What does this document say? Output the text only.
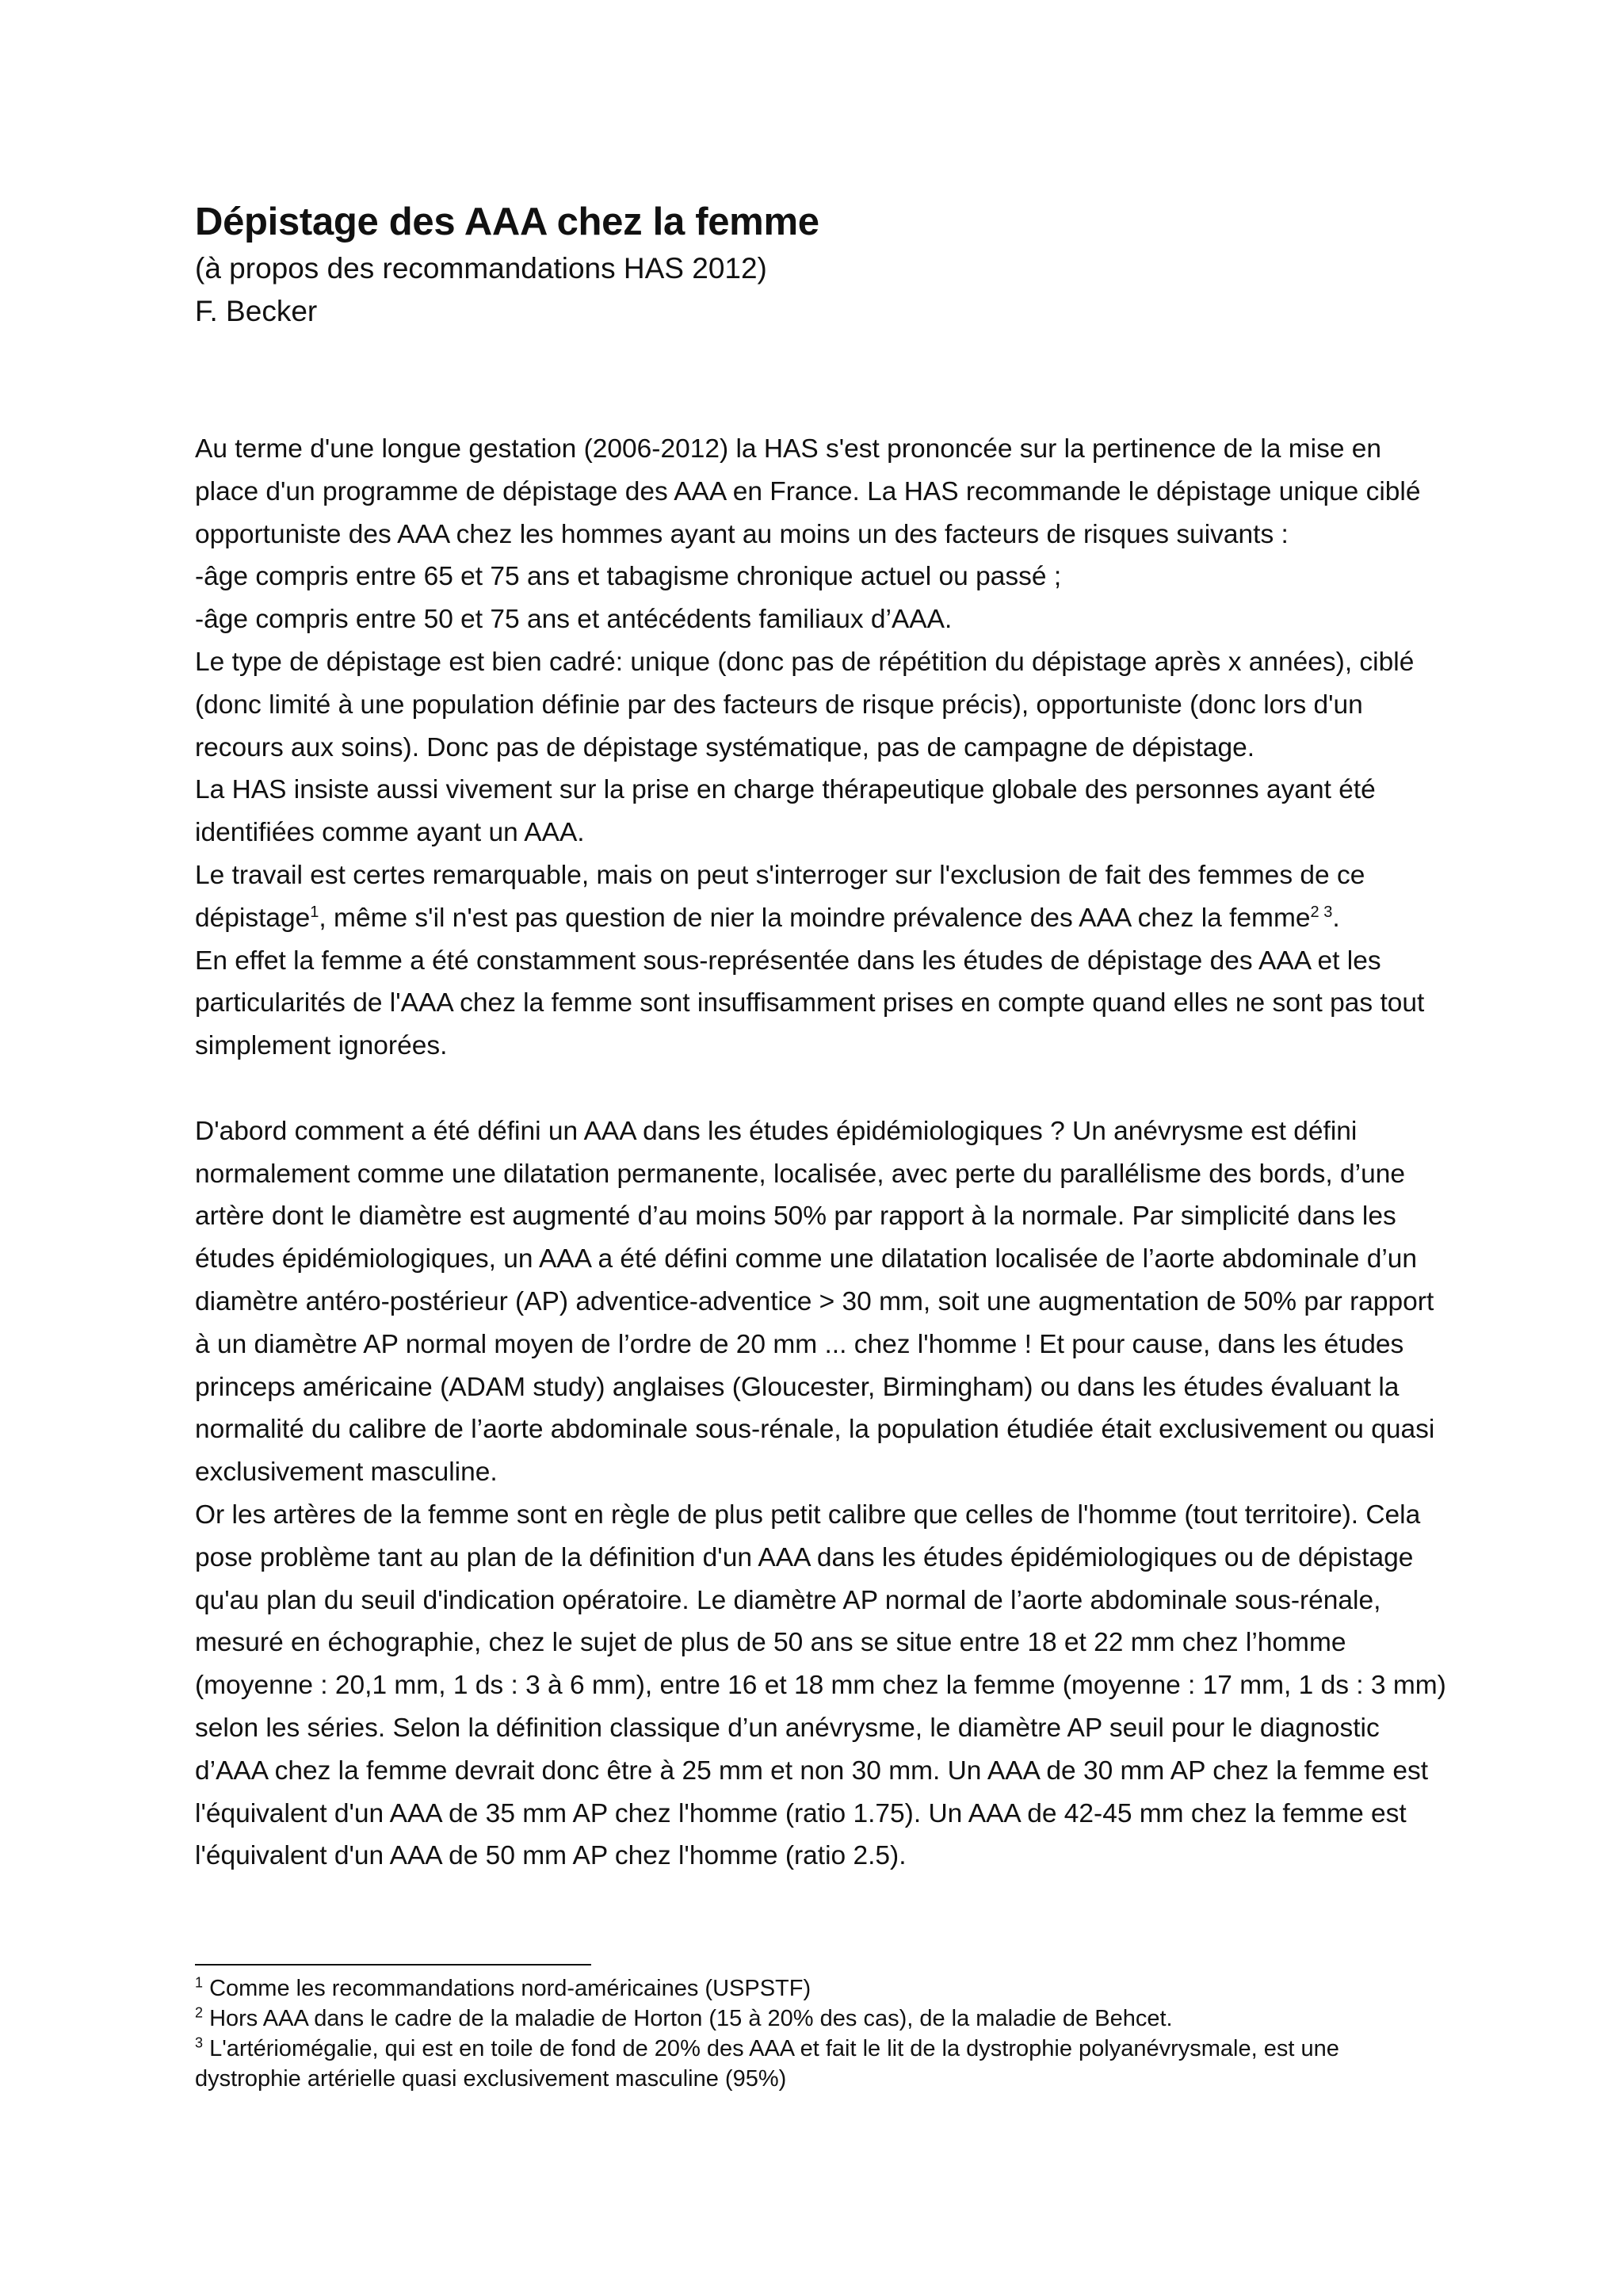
Dépistage des AAA chez la femme

(à propos des recommandations HAS 2012)

F. Becker

Au terme d'une longue gestation (2006-2012) la HAS s'est prononcée sur la pertinence de la mise en place d'un programme de dépistage des AAA en France. La HAS recommande le dépistage unique ciblé opportuniste des AAA chez les hommes ayant au moins un des facteurs de risques suivants :

-âge compris entre 65 et 75 ans et tabagisme chronique actuel ou passé ;

-âge compris entre 50 et 75 ans et antécédents familiaux d’AAA.

Le type de dépistage est bien cadré: unique (donc pas de répétition du dépistage après x années), ciblé (donc limité à une population définie par des facteurs de risque précis), opportuniste (donc lors d'un recours aux soins). Donc pas de dépistage systématique, pas de campagne de dépistage.

La HAS insiste aussi vivement sur la prise en charge thérapeutique globale des personnes ayant été identifiées comme ayant un AAA.

Le travail est certes remarquable, mais on peut s'interroger sur l'exclusion de fait des femmes de ce dépistage$^1$, même s'il n'est pas question de nier la moindre prévalence des AAA chez la femme$^{2 3}$.

En effet la femme a été constamment sous-représentée dans les études de dépistage des AAA et les particularités de l'AAA chez la femme sont insuffisamment prises en compte quand elles ne sont pas tout simplement ignorées.

D'abord comment a été défini un AAA dans les études épidémiologiques ? Un anévrysme est défini normalement comme une dilatation permanente, localisée, avec perte du parallélisme des bords, d’une artère dont le diamètre est augmenté d’au moins 50% par rapport à la normale. Par simplicité dans les études épidémiologiques, un AAA a été défini comme une dilatation localisée de l’aorte abdominale d’un diamètre antéro-postérieur (AP) adventice-adventice > 30 mm, soit une augmentation de 50% par rapport à un diamètre AP normal moyen de l’ordre de 20 mm ... chez l'homme ! Et pour cause, dans les études princeps américaine (ADAM study) anglaises (Gloucester, Birmingham) ou dans les études évaluant la normalité du calibre de l’aorte abdominale sous-rénale, la population étudiée était exclusivement ou quasi exclusivement masculine.

Or les artères de la femme sont en règle de plus petit calibre que celles de l'homme (tout territoire). Cela pose problème tant au plan de la définition d'un AAA dans les études épidémiologiques ou de dépistage qu'au plan du seuil d'indication opératoire. Le diamètre AP normal de l’aorte abdominale sous-rénale, mesuré en échographie, chez le sujet de plus de 50 ans se situe entre 18 et 22 mm chez l’homme (moyenne : 20,1 mm, 1 ds : 3 à 6 mm), entre 16 et 18 mm chez la femme (moyenne : 17 mm, 1 ds : 3 mm) selon les séries. Selon la définition classique d’un anévrysme, le diamètre AP seuil pour le diagnostic d’AAA chez la femme devrait donc être à 25 mm et non 30 mm. Un AAA de 30 mm AP chez la femme est l'équivalent d'un AAA de 35 mm AP chez l'homme (ratio 1.75). Un AAA de 42-45 mm chez la femme est l'équivalent d'un AAA de 50 mm AP chez l'homme (ratio 2.5).

$^1$ Comme les recommandations nord-américaines (USPSTF)

$^2$ Hors AAA dans le cadre de la maladie de Horton (15 à 20% des cas), de la maladie de Behcet.

$^3$ L'artériomégalie, qui est en toile de fond de 20% des AAA et fait le lit de la dystrophie polyanévrysmale, est une dystrophie artérielle quasi exclusivement masculine (95%)
